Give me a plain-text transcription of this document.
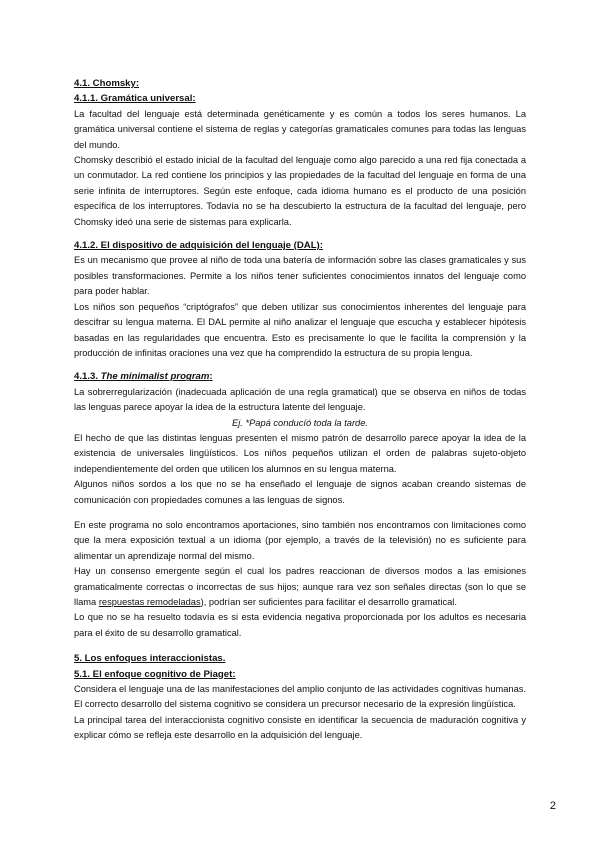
4.1. Chomsky:

4.1.1. Gramática universal:

La facultad del lenguaje está determinada genéticamente y es común a todos los seres humanos. La gramática universal contiene el sistema de reglas y categorías gramaticales comunes para todas las lenguas del mundo.

Chomsky describió el estado inicial de la facultad del lenguaje como algo parecido a una red fija conectada a un conmutador. La red contiene los principios y las propiedades de la facultad del lenguaje en forma de una serie infinita de interruptores. Según este enfoque, cada idioma humano es el producto de una posición específica de los interruptores. Todavía no se ha descubierto la estructura de la facultad del lenguaje, pero Chomsky ideó una serie de sistemas para explicarla.

4.1.2. El dispositivo de adquisición del lenguaje (DAL):

Es un mecanismo que provee al niño de toda una batería de información sobre las clases gramaticales y sus posibles transformaciones. Permite a los niños tener suficientes conocimientos innatos del lenguaje como para poder hablar.

Los niños son pequeños “criptógrafos” que deben utilizar sus conocimientos inherentes del lenguaje para descifrar su lengua materna. El DAL permite al niño analizar el lenguaje que escucha y establecer hipótesis basadas en las regularidades que encuentra. Esto es precisamente lo que le facilita la comprensión y la producción de infinitas oraciones una vez que ha comprendido la estructura de su propia lengua.

4.1.3. The minimalist program:

La sobrerregularización (inadecuada aplicación de una regla gramatical) que se observa en niños de todas las lenguas parece apoyar la idea de la estructura latente del lenguaje.

Ej. *Papá conducíó toda la tarde.

El hecho de que las distintas lenguas presenten el mismo patrón de desarrollo parece apoyar la idea de la existencia de universales lingüísticos. Los niños pequeños utilizan el orden de palabras sujeto-objeto independientemente del orden que utilicen los alumnos en su lengua materna.

Algunos niños sordos a los que no se ha enseñado el lenguaje de signos acaban creando sistemas de comunicación con propiedades comunes a las lenguas de signos.

En este programa no solo encontramos aportaciones, sino también nos encontramos con limitaciones como que la mera exposición textual a un idioma (por ejemplo, a través de la televisión) no es suficiente para alimentar un aprendizaje normal del mismo.

Hay un consenso emergente según el cual los padres reaccionan de diversos modos a las emisiones gramaticalmente correctas o incorrectas de sus hijos; aunque rara vez son señales directas (son lo que se llama respuestas remodeladas), podrían ser suficientes para facilitar el desarrollo gramatical.

Lo que no se ha resuelto todavía es si esta evidencia negativa proporcionada por los adultos es necesaria para el éxito de su desarrollo gramatical.

5. Los enfoques interaccionistas.

5.1. El enfoque cognitivo de Piaget:

Considera el lenguaje una de las manifestaciones del amplio conjunto de las actividades cognitivas humanas. El correcto desarrollo del sistema cognitivo se considera un precursor necesario de la expresión lingüística.

La principal tarea del interaccionista cognitivo consiste en identificar la secuencia de maduración cognitiva y explicar cómo se refleja este desarrollo en la adquisición del lenguaje.

2
